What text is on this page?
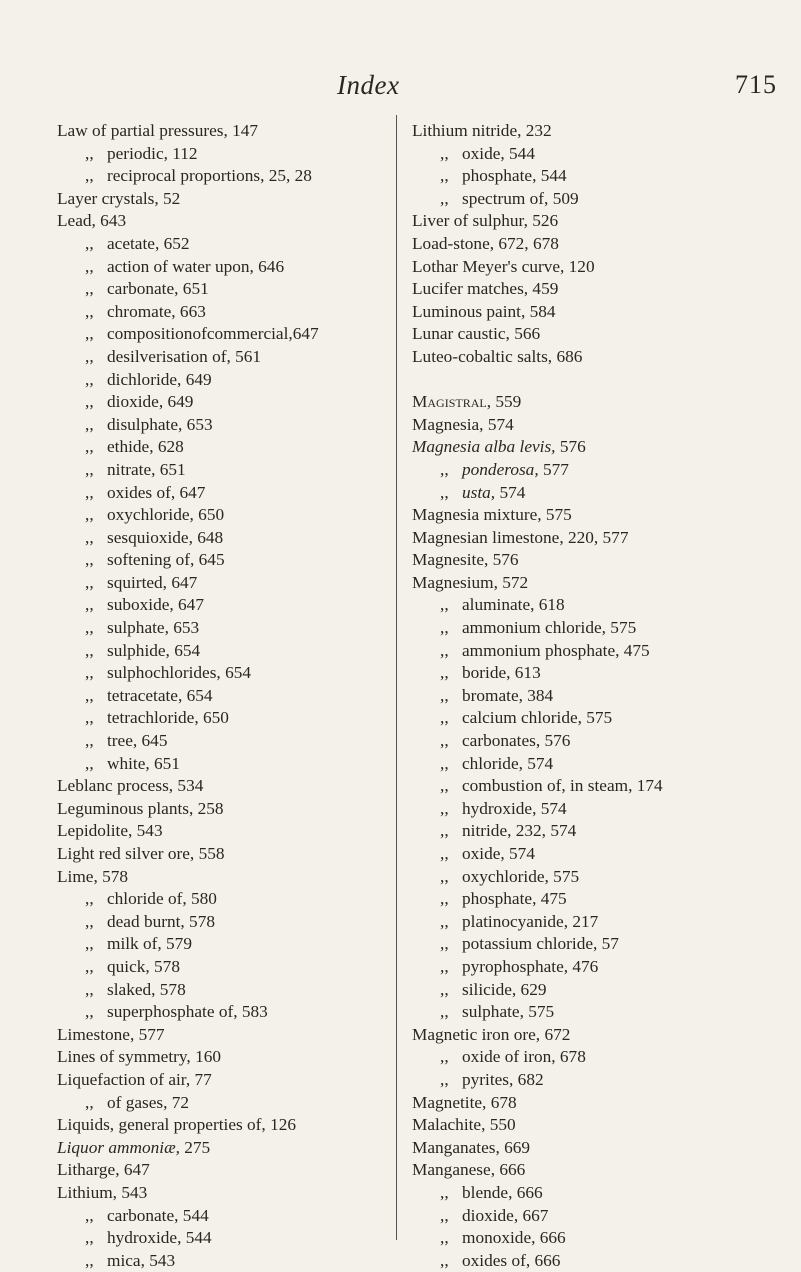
Index	715
Law of partial pressures, 147
,, periodic, 112
,, reciprocal proportions, 25, 28
Layer crystals, 52
Lead, 643
,, acetate, 652
,, action of water upon, 646
,, carbonate, 651
,, chromate, 663
,, compositionofcommercial,647
,, desilverisation of, 561
,, dichloride, 649
,, dioxide, 649
,, disulphate, 653
,, ethide, 628
,, nitrate, 651
,, oxides of, 647
,, oxychloride, 650
,, sesquioxide, 648
,, softening of, 645
,, squirted, 647
,, suboxide, 647
,, sulphate, 653
,, sulphide, 654
,, sulphochlorides, 654
,, tetracetate, 654
,, tetrachloride, 650
,, tree, 645
,, white, 651
Leblanc process, 534
Leguminous plants, 258
Lepidolite, 543
Light red silver ore, 558
Lime, 578
,, chloride of, 580
,, dead burnt, 578
,, milk of, 579
,, quick, 578
,, slaked, 578
,, superphosphate of, 583
Limestone, 577
Lines of symmetry, 160
Liquefaction of air, 77
,, of gases, 72
Liquids, general properties of, 126
Liquor ammoniæ, 275
Litharge, 647
Lithium, 543
,, carbonate, 544
,, hydroxide, 544
,, mica, 543
Lithium nitride, 232
,, oxide, 544
,, phosphate, 544
,, spectrum of, 509
Liver of sulphur, 526
Load-stone, 672, 678
Lothar Meyer's curve, 120
Lucifer matches, 459
Luminous paint, 584
Lunar caustic, 566
Luteo-cobaltic salts, 686
Magistral, 559
Magnesia, 574
Magnesia alba levis, 576
,, ponderosa, 577
,, usta, 574
Magnesia mixture, 575
Magnesian limestone, 220, 577
Magnesite, 576
Magnesium, 572
,, aluminate, 618
,, ammonium chloride, 575
,, ammonium phosphate, 475
,, boride, 613
,, bromate, 384
,, calcium chloride, 575
,, carbonates, 576
,, chloride, 574
,, combustion of, in steam, 174
,, hydroxide, 574
,, nitride, 232, 574
,, oxide, 574
,, oxychloride, 575
,, phosphate, 475
,, platinocyanide, 217
,, potassium chloride, 57
,, pyrophosphate, 476
,, silicide, 629
,, sulphate, 575
Magnetic iron ore, 672
,, oxide of iron, 678
,, pyrites, 682
Magnetite, 678
Malachite, 550
Manganates, 669
Manganese, 666
,, blende, 666
,, dioxide, 667
,, monoxide, 666
,, oxides of, 666
